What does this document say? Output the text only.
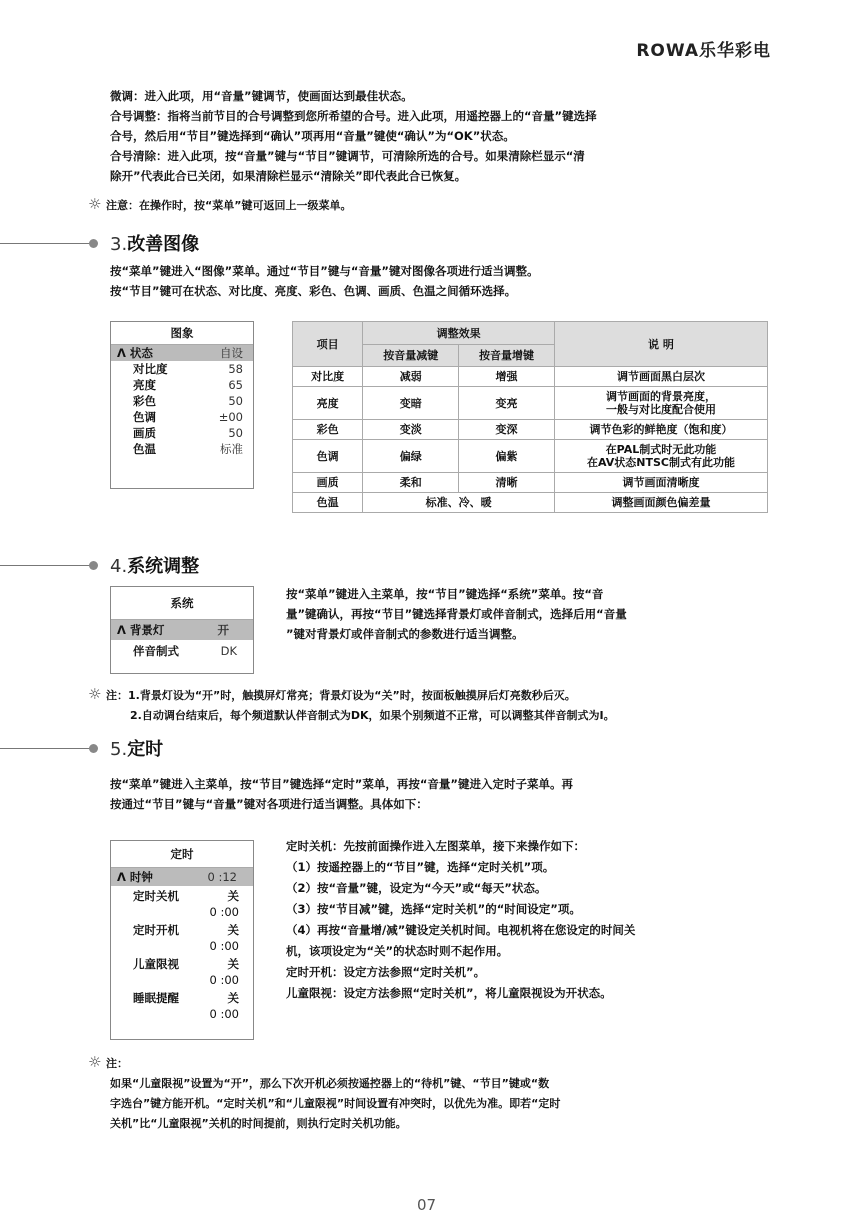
ROWA乐华彩电
微调：进入此项，用“音量”键调节，使画面达到最佳状态。
合号调整：指将当前节目的合号调整到您所希望的合号。进入此项，用遥控器上的“音量”键选择
合号，然后用“节目”键选择到“确认”项再用“音量”键使“确认”为“OK”状态。
合号清除：进入此项，按“音量”键与“节目”键调节，可清除所选的合号。如果清除栏显示“清
除开”代表此合已关闭，如果清除栏显示“清除关”即代表此合已恢复。
☼ 注意：在操作时，按“菜单”键可返回上一级菜单。
3.改善图像
按“菜单”键进入“图像”菜单。通过“节目”键与“音量”键对图像各项进行适当调整。
按“节目”键可在状态、对比度、亮度、彩色、色调、画质、色温之间循环选择。
图象
Λ 状态	自设
对比度	58
亮度	65
彩色	50
色调	±00
画质	50
色温	标准
项目	调整效果		说 明
	按音量减键	按音量增键	
对比度	减弱	增强	调节画面黑白层次

亮度	变暗	变亮	调节画面的背景亮度，
一般与对比度配合使用

彩色	变淡	变深	调节色彩的鲜艳度（饱和度）

色调	偏绿	偏紫	在PAL制式时无此功能
在AV状态NTSC制式有此功能

画质	柔和	清晰	调节画面清晰度

色温	标准、冷、暖		调整画面颜色偏差量
4.系统调整
系统
Λ 背景灯	开
伴音制式	DK
按“菜单”键进入主菜单，按“节目”键选择“系统”菜单。按“音
量”键确认，再按“节目”键选择背景灯或伴音制式，选择后用“音量
”键对背景灯或伴音制式的参数进行适当调整。
☼ 注：1.背景灯设为“开”时，触摸屏灯常亮；背景灯设为“关”时，按面板触摸屏后灯亮数秒后灭。
2.自动调台结束后，每个频道默认伴音制式为DK，如果个别频道不正常，可以调整其伴音制式为I。
5.定时
按“菜单”键进入主菜单，按“节目”键选择“定时”菜单，再按“音量”键进入定时子菜单。再
按通过“节目”键与“音量”键对各项进行适当调整。具体如下：
定时
Λ 时钟	0 :12
定时关机	关
0 :00
定时开机	关
0 :00
儿童限视	关
0 :00
睡眠提醒	关
0 :00
定时关机：先按前面操作进入左图菜单，接下来操作如下：
（1）按遥控器上的“节目”键，选择“定时关机”项。
（2）按“音量”键，设定为“今天”或“每天”状态。
（3）按“节目减”键，选择“定时关机”的“时间设定”项。
（4）再按“音量增/减”键设定关机时间。电视机将在您设定的时间关
机，该项设定为“关”的状态时则不起作用。
定时开机：设定方法参照“定时关机”。
儿童限视：设定方法参照“定时关机”，将儿童限视设为开状态。
☼ 注：
如果“儿童限视”设置为“开”，那么下次开机必须按遥控器上的“待机”键、“节目”键或“数
字选台”键方能开机。“定时关机”和“儿童限视”时间设置有冲突时，以优先为准。即若“定时
关机”比“儿童限视”关机的时间提前，则执行定时关机功能。
07
